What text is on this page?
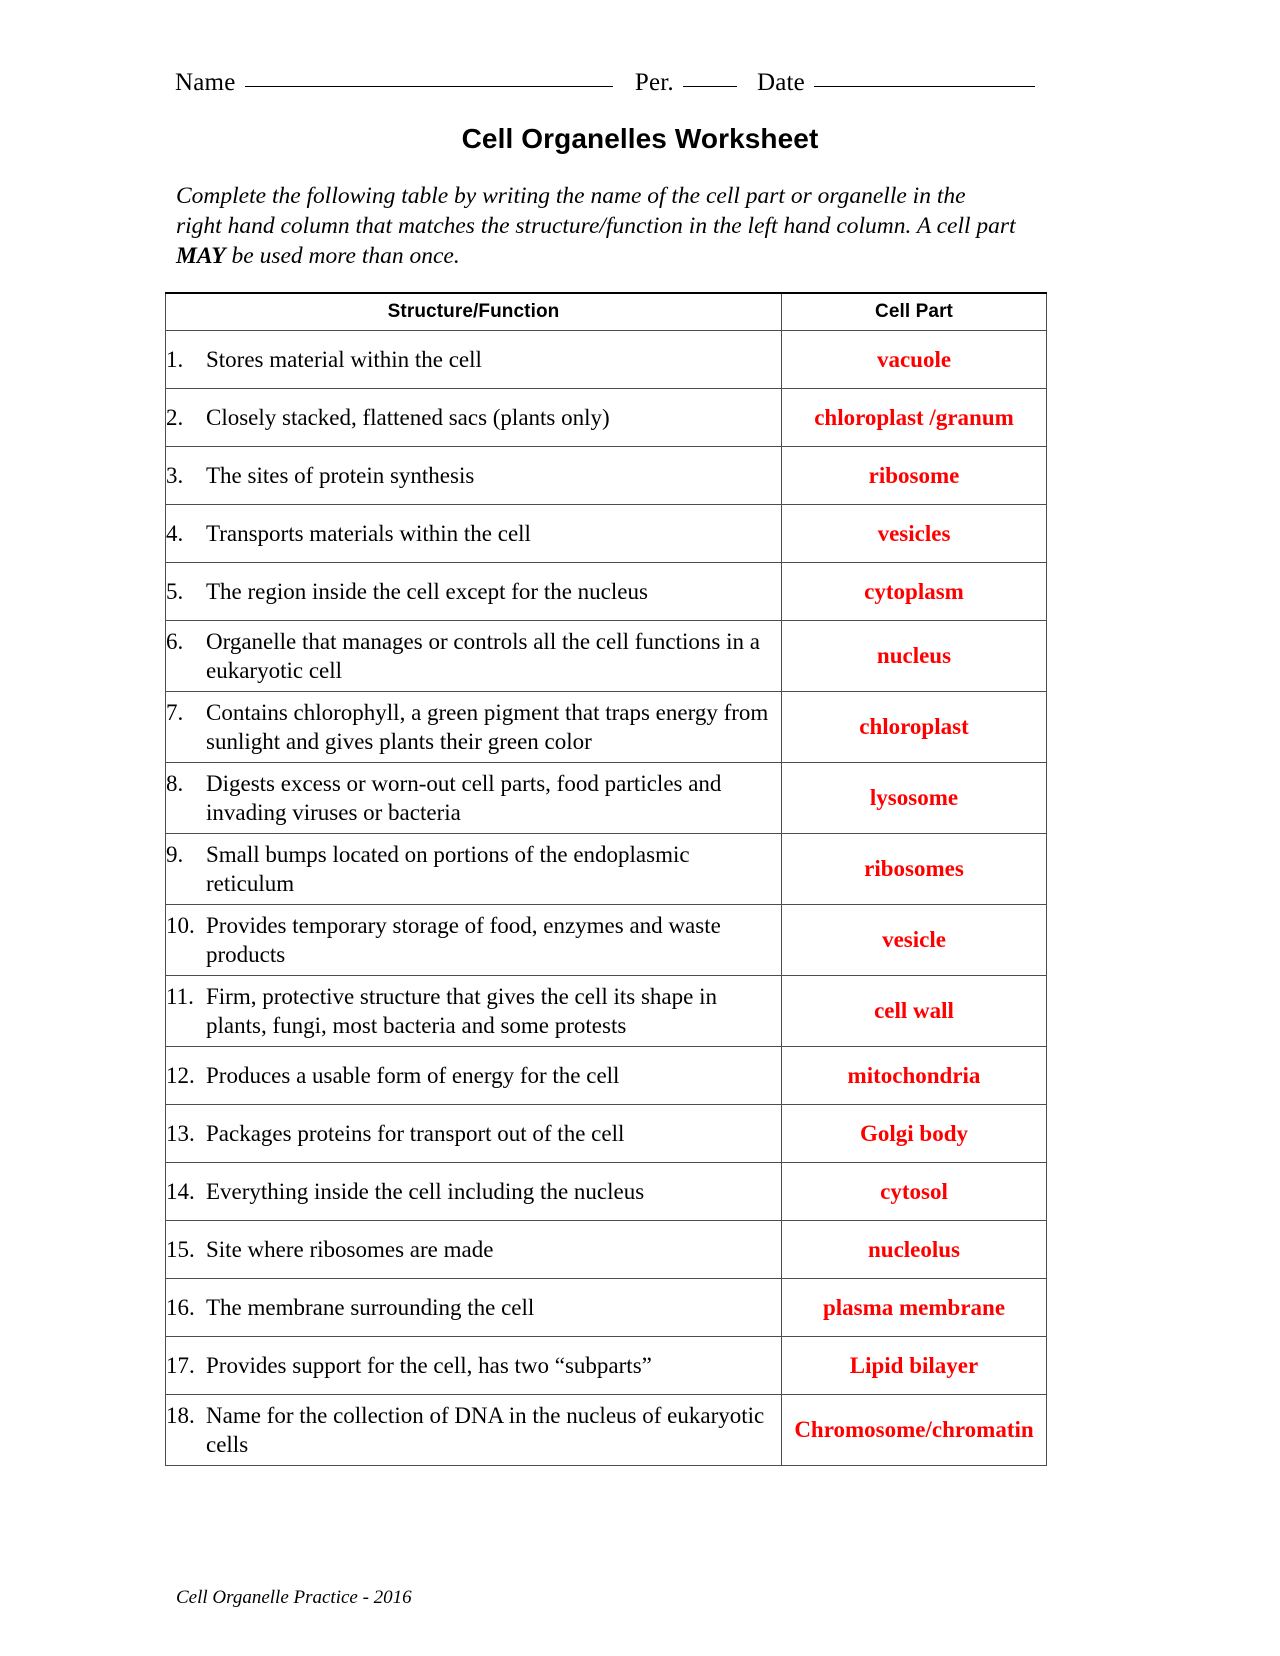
Name	Per.	Date
Cell Organelles Worksheet
Complete the following table by writing the name of the cell part or organelle in the right hand column that matches the structure/function in the left hand column. A cell part MAY be used more than once.
Structure/Function	Cell Part

1. Stores material within the cell	vacuole

2. Closely stacked, flattened sacs (plants only)	chloroplast /granum

3. The sites of protein synthesis	ribosome

4. Transports materials within the cell	vesicles

5. The region inside the cell except for the nucleus	cytoplasm

6. Organelle that manages or controls all the cell functions in a eukaryotic cell	nucleus

7. Contains chlorophyll, a green pigment that traps energy from sunlight and gives plants their green color	chloroplast

8. Digests excess or worn-out cell parts, food particles and invading viruses or bacteria	lysosome

9. Small bumps located on portions of the endoplasmic reticulum	ribosomes

10. Provides temporary storage of food, enzymes and waste products	vesicle

11. Firm, protective structure that gives the cell its shape in plants, fungi, most bacteria and some protests	cell wall

12. Produces a usable form of energy for the cell	mitochondria

13. Packages proteins for transport out of the cell	Golgi body

14. Everything inside the cell including the nucleus	cytosol

15. Site where ribosomes are made	nucleolus

16. The membrane surrounding the cell	plasma membrane

17. Provides support for the cell, has two “subparts”	Lipid bilayer

18. Name for the collection of DNA in the nucleus of eukaryotic cells	Chromosome/chromatin
Cell Organelle Practice - 2016
